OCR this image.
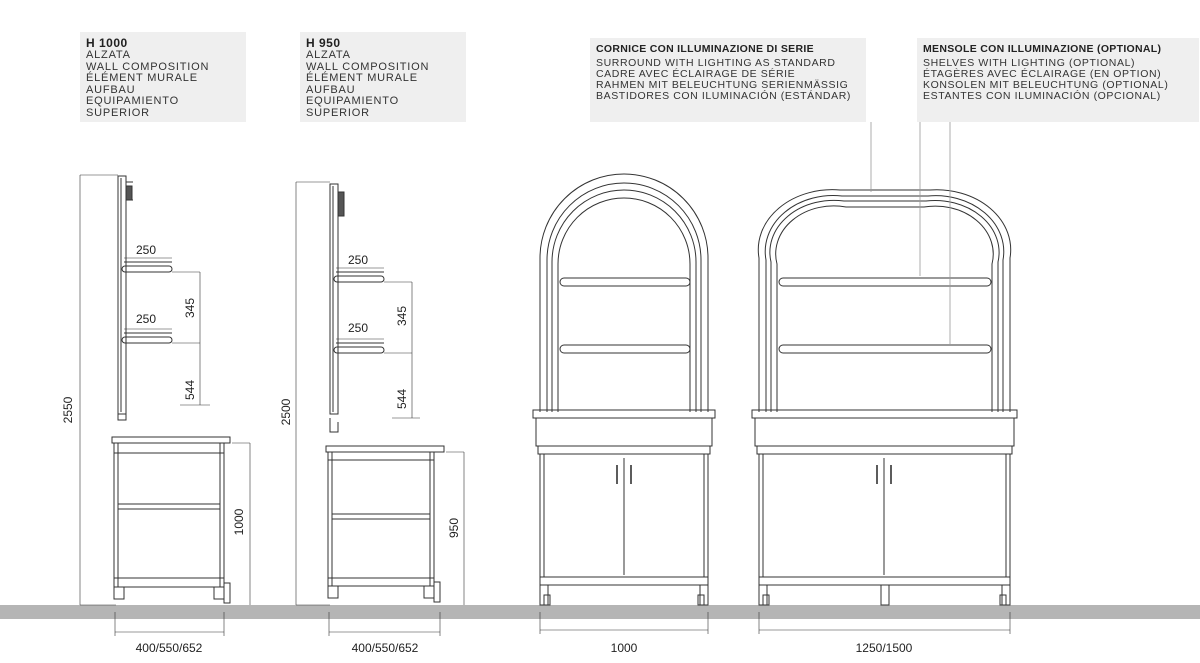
H 1000
ALZATA
WALL COMPOSITION
ÉLÉMENT MURALE
AUFBAU
EQUIPAMIENTO SUPERIOR
H 950
ALZATA
WALL COMPOSITION
ÉLÉMENT MURALE
AUFBAU
EQUIPAMIENTO SUPERIOR
CORNICE CON ILLUMINAZIONE DI SERIE
SURROUND WITH LIGHTING AS STANDARD
CADRE AVEC ÉCLAIRAGE DE SÉRIE
RAHMEN MIT BELEUCHTUNG SERIENMÄSSIG
BASTIDORES CON ILUMINACIÓN (ESTÁNDAR)
MENSOLE CON ILLUMINAZIONE (OPTIONAL)
SHELVES WITH LIGHTING (OPTIONAL)
ÉTAGÈRES AVEC ÉCLAIRAGE (EN OPTION)
KONSOLEN MIT BELEUCHTUNG (OPTIONAL)
ESTANTES CON ILUMINACIÓN (OPCIONAL)
2550
250
345
250
544
1000
400/550/652
2500
250
345
250
544
950
400/550/652	1000	1250/1500
